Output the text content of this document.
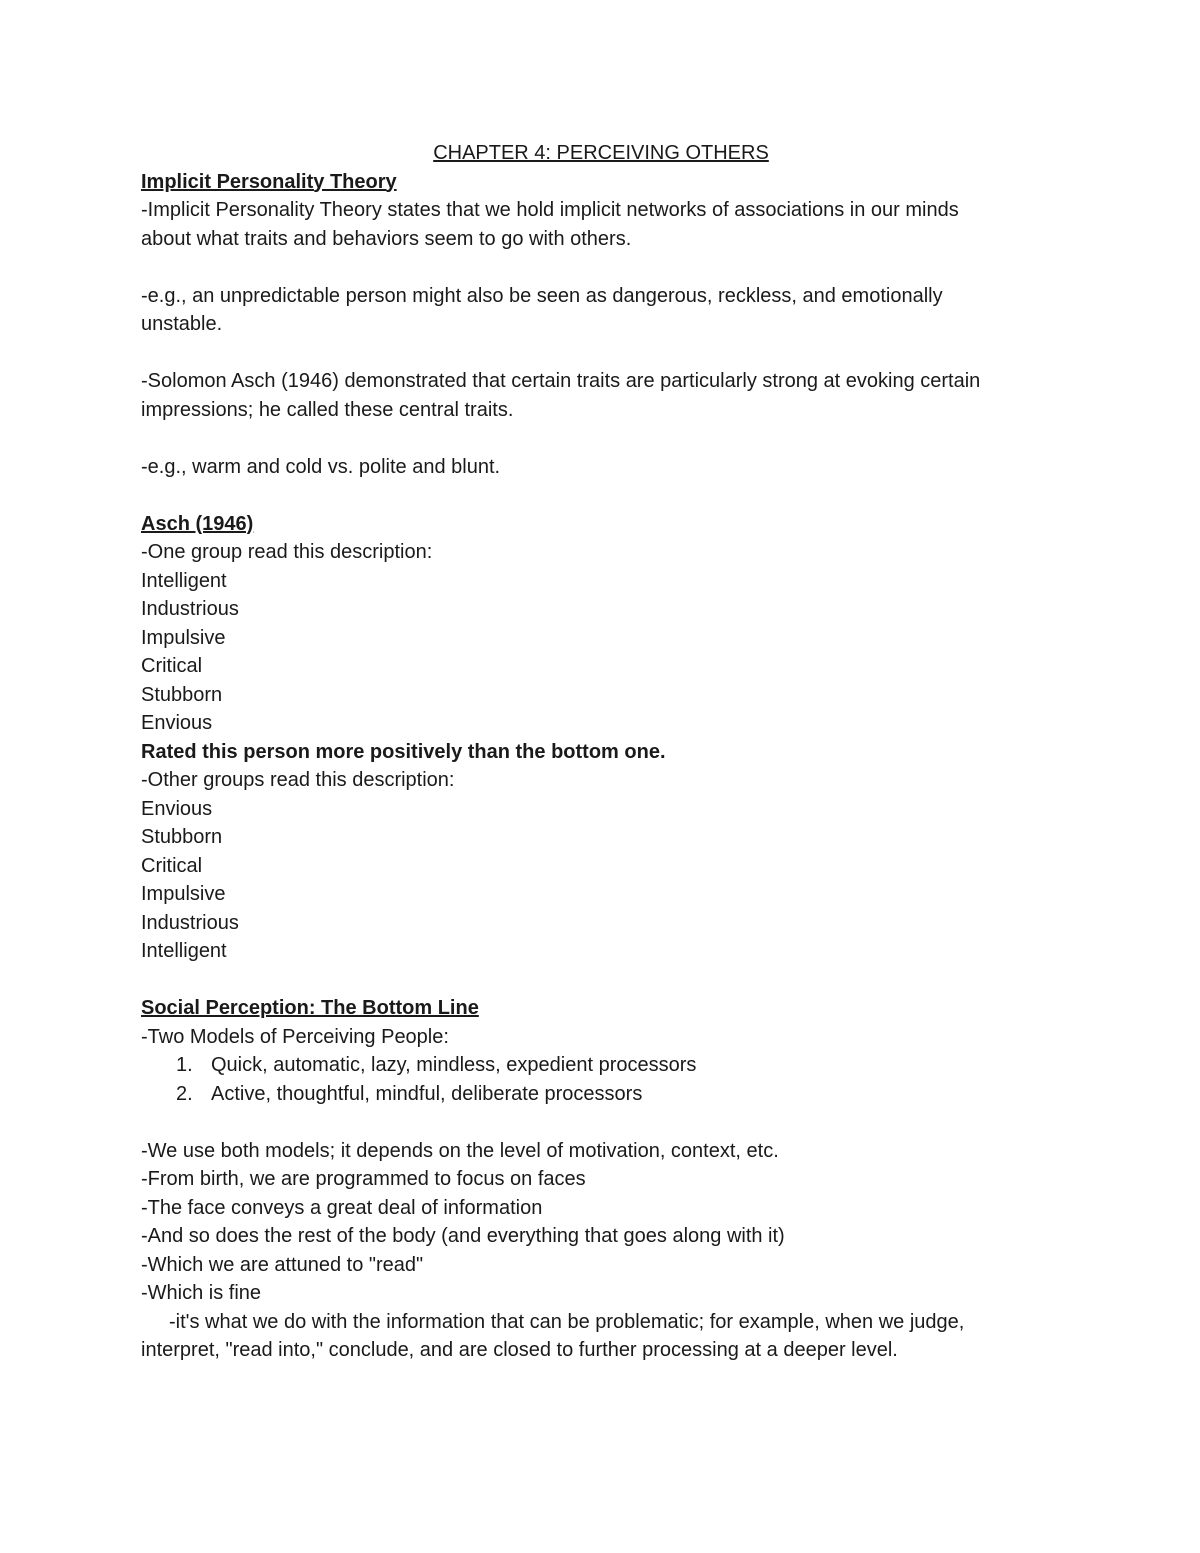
CHAPTER 4: PERCEIVING OTHERS
Implicit Personality Theory
-Implicit Personality Theory states that we hold implicit networks of associations in our minds
about what traits and behaviors seem to go with others.
-e.g., an unpredictable person might also be seen as dangerous, reckless, and emotionally
unstable.
-Solomon Asch (1946) demonstrated that certain traits are particularly strong at evoking certain
impressions; he called these central traits.
-e.g., warm and cold vs. polite and blunt.
Asch (1946)
-One group read this description:
Intelligent
Industrious
Impulsive
Critical
Stubborn
Envious
Rated this person more positively than the bottom one.
-Other groups read this description:
Envious
Stubborn
Critical
Impulsive
Industrious
Intelligent
Social Perception: The Bottom Line
-Two Models of Perceiving People:
1. Quick, automatic, lazy, mindless, expedient processors
2. Active, thoughtful, mindful, deliberate processors
-We use both models; it depends on the level of motivation, context, etc.
-From birth, we are programmed to focus on faces
-The face conveys a great deal of information
-And so does the rest of the body (and everything that goes along with it)
-Which we are attuned to "read"
-Which is fine
-it's what we do with the information that can be problematic; for example, when we judge,
interpret, "read into," conclude, and are closed to further processing at a deeper level.
